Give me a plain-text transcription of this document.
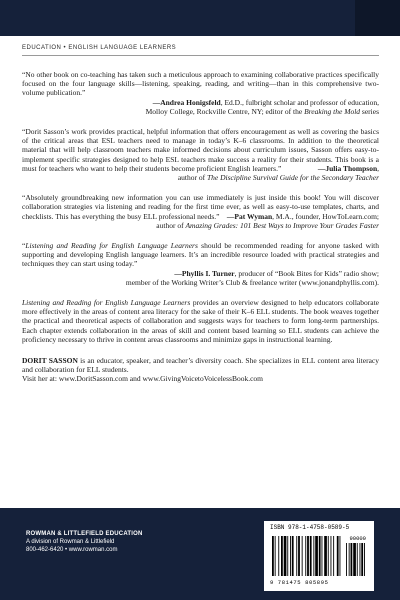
EDUCATION • ENGLISH LANGUAGE LEARNERS
“No other book on co-teaching has taken such a meticulous approach to examining collaborative practices specifically focused on the four language skills—listening, speaking, reading, and writing—than in this comprehensive two-volume publication.”
—Andrea Honigsfeld, Ed.D., fulbright scholar and professor of education,
Molloy College, Rockville Centre, NY; editor of the Breaking the Mold series
“Dorit Sasson’s work provides practical, helpful information that offers encouragement as well as covering the basics of the critical areas that ESL teachers need to manage in today’s K–6 classrooms. In addition to the theoretical material that will help classroom teachers make informed decisions about curriculum issues, Sasson offers easy-to-implement specific strategies designed to help ESL teachers make success a reality for their students. This book is a must for teachers who want to help their students become proficient English learners.”	—Julia Thompson,
author of The Discipline Survival Guide for the Secondary Teacher
“Absolutely groundbreaking new information you can use immediately is just inside this book! You will discover collaboration strategies via listening and reading for the first time ever, as well as easy-to-use templates, charts, and checklists. This has everything the busy ELL professional needs.” —Pat Wyman, M.A., founder, HowToLearn.com;
author of Amazing Grades: 101 Best Ways to Improve Your Grades Faster
“Listening and Reading for English Language Learners should be recommended reading for anyone tasked with supporting and developing English language learners. It’s an incredible resource loaded with practical strategies and techniques they can start using today.”
—Phyllis I. Turner, producer of “Book Bites for Kids” radio show;
member of the Working Writer’s Club & freelance writer (www.jonandphyllis.com).
Listening and Reading for English Language Learners provides an overview designed to help educators collaborate more effectively in the areas of content area literacy for the sake of their K–6 ELL students. The book weaves together the practical and theoretical aspects of collaboration and suggests ways for teachers to form long-term partnerships. Each chapter extends collaboration in the areas of skill and content based learning so ELL students can achieve the proficiency necessary to thrive in content areas classrooms and minimize gaps in instructional learning.
DORIT SASSON is an educator, speaker, and teacher’s diversity coach. She specializes in ELL content area literacy and collaboration for ELL students.
Visit her at: www.DoritSasson.com and www.GivingVoicetoVoicelessBook.com
ROWMAN & LITTLEFIELD EDUCATION
A division of Rowman & Littlefield
800-462-6420 • www.rowman.com
ISBN 978-1-4758-0589-5
90000
9 781475 805895
